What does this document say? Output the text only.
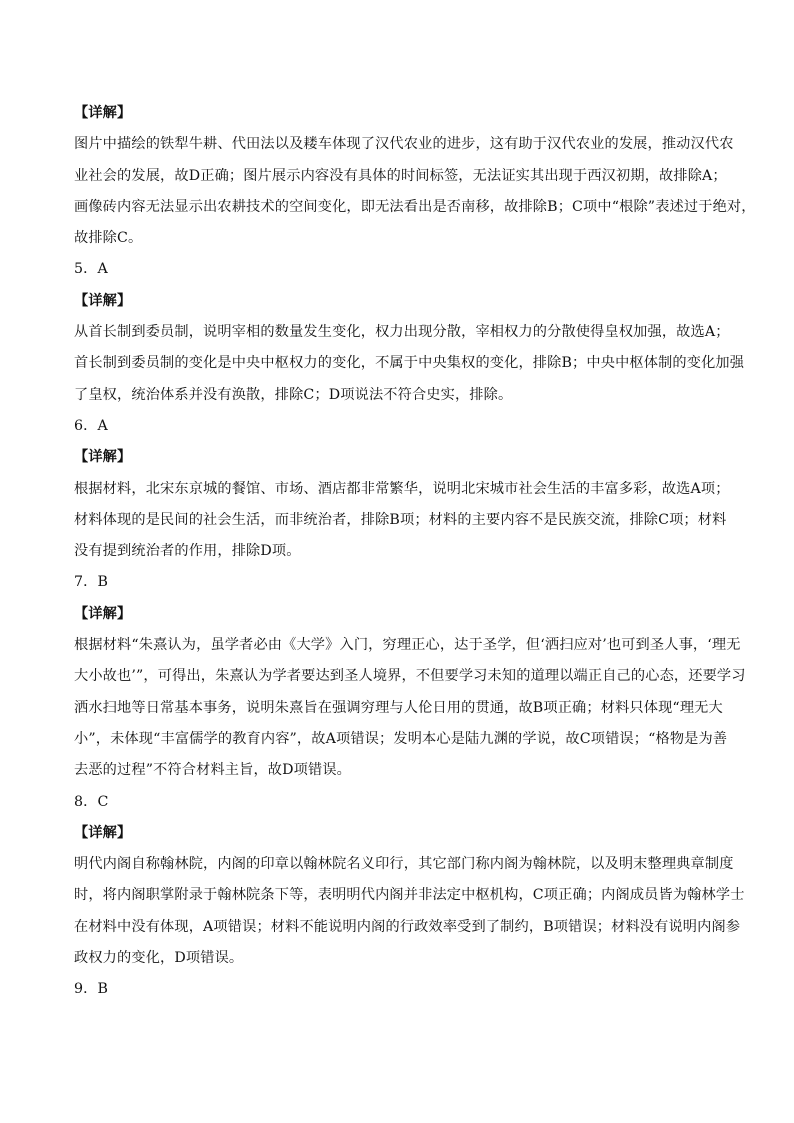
【详解】
图片中描绘的铁犁牛耕、代田法以及耧车体现了汉代农业的进步，这有助于汉代农业的发展，推动汉代农
业社会的发展，故D正确；图片展示内容没有具体的时间标签，无法证实其出现于西汉初期，故排除A；
画像砖内容无法显示出农耕技术的空间变化，即无法看出是否南移，故排除B；C项中“根除”表述过于绝对，
故排除C。
5．A
【详解】
从首长制到委员制，说明宰相的数量发生变化，权力出现分散，宰相权力的分散使得皇权加强，故选A；
首长制到委员制的变化是中央中枢权力的变化，不属于中央集权的变化，排除B；中央中枢体制的变化加强
了皇权，统治体系并没有涣散，排除C；D项说法不符合史实，排除。
6．A
【详解】
根据材料，北宋东京城的餐馆、市场、酒店都非常繁华，说明北宋城市社会生活的丰富多彩，故选A项；
材料体现的是民间的社会生活，而非统治者，排除B项；材料的主要内容不是民族交流，排除C项；材料
没有提到统治者的作用，排除D项。
7．B
【详解】
根据材料“朱熹认为，虽学者必由《大学》入门，穷理正心，达于圣学，但‘洒扫应对’也可到圣人事，‘理无
大小故也’”，可得出，朱熹认为学者要达到圣人境界，不但要学习未知的道理以端正自己的心态，还要学习
洒水扫地等日常基本事务，说明朱熹旨在强调穷理与人伦日用的贯通，故B项正确；材料只体现“理无大
小”，未体现“丰富儒学的教育内容”，故A项错误；发明本心是陆九渊的学说，故C项错误；“格物是为善
去恶的过程”不符合材料主旨，故D项错误。
8．C
【详解】
明代内阁自称翰林院，内阁的印章以翰林院名义印行，其它部门称内阁为翰林院，以及明末整理典章制度
时，将内阁职掌附录于翰林院条下等，表明明代内阁并非法定中枢机构，C项正确；内阁成员皆为翰林学士
在材料中没有体现，A项错误；材料不能说明内阁的行政效率受到了制约，B项错误；材料没有说明内阁参
政权力的变化，D项错误。
9．B
